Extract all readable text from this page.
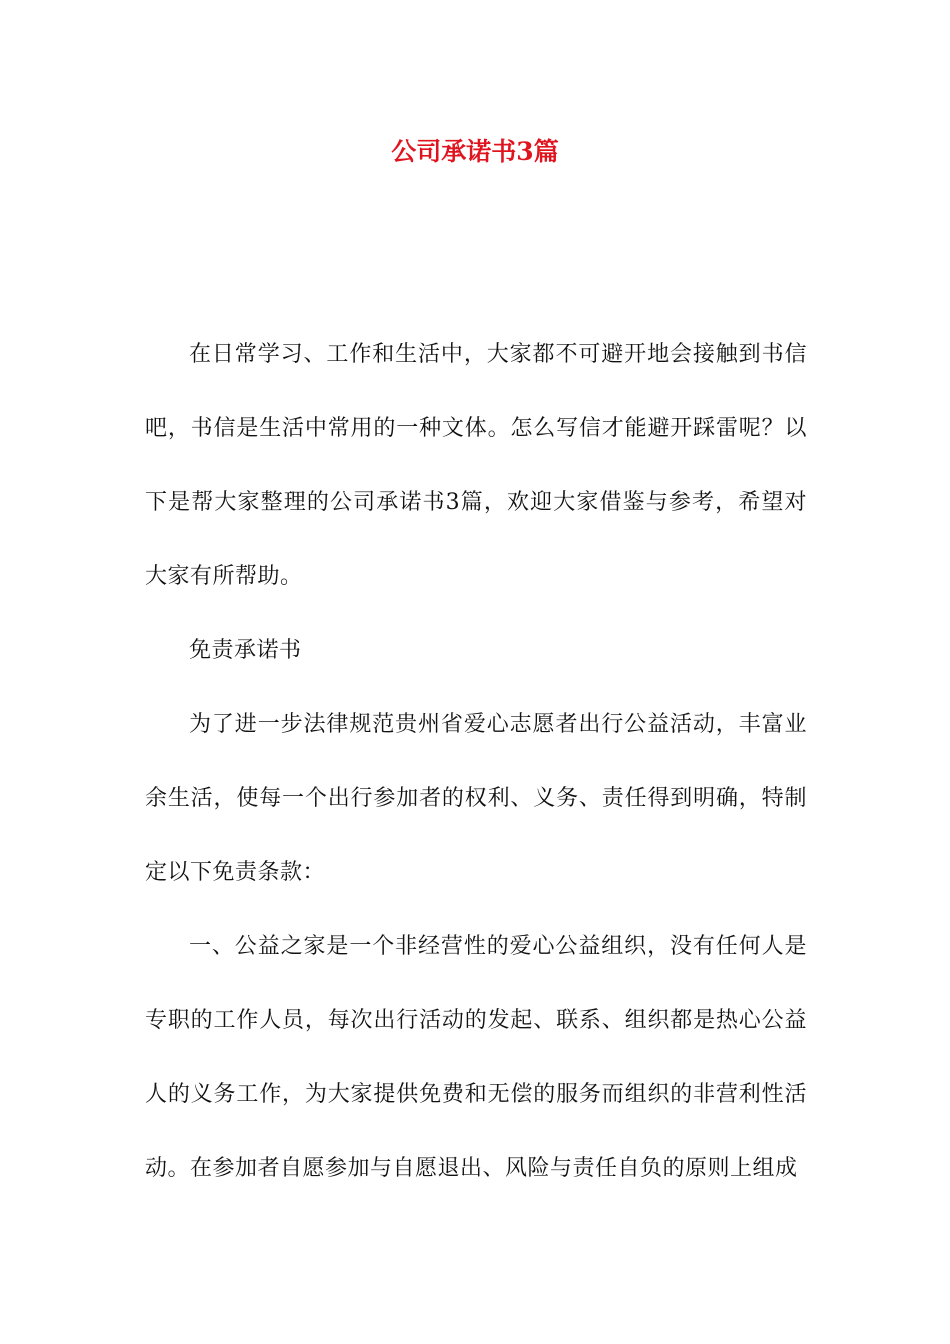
公司承诺书3篇

在日常学习、工作和生活中，大家都不可避开地会接触到书信吧，书信是生活中常用的一种文体。怎么写信才能避开踩雷呢？以下是帮大家整理的公司承诺书3篇，欢迎大家借鉴与参考，希望对大家有所帮助。

免责承诺书

为了进一步法律规范贵州省爱心志愿者出行公益活动，丰富业余生活，使每一个出行参加者的权利、义务、责任得到明确，特制定以下免责条款：

一、公益之家是一个非经营性的爱心公益组织，没有任何人是专职的工作人员，每次出行活动的发起、联系、组织都是热心公益人的义务工作，为大家提供免费和无偿的服务而组织的非营利性活动。在参加者自愿参加与自愿退出、风险与责任自负的原则上组成
